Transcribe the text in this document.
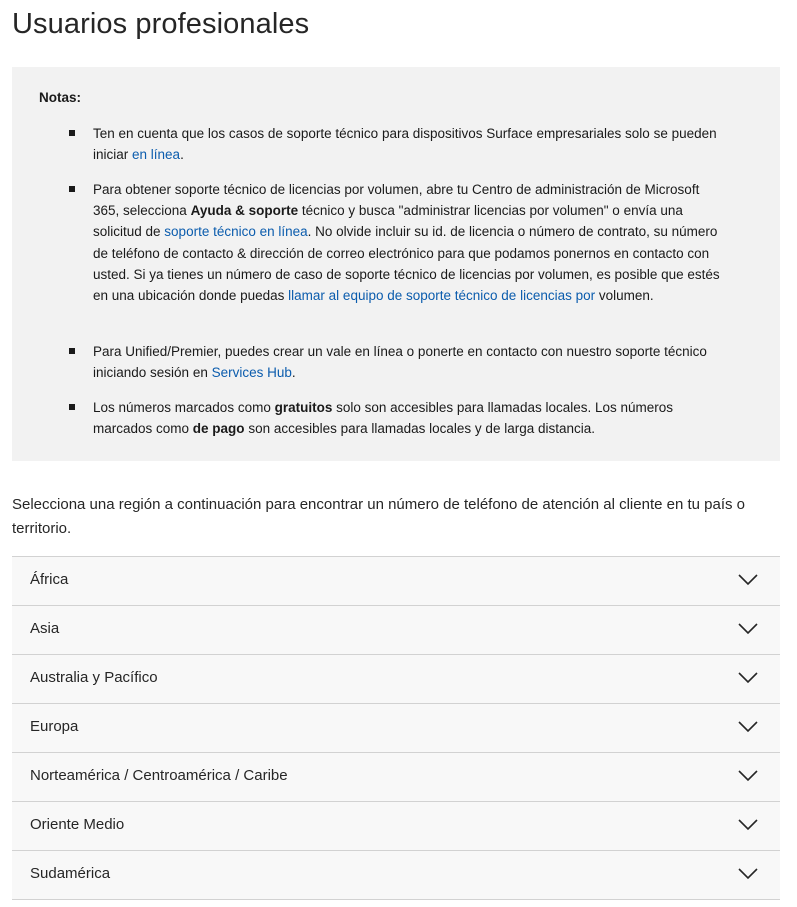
Usuarios profesionales

Notas:

Ten en cuenta que los casos de soporte técnico para dispositivos Surface empresariales solo se pueden iniciar en línea.
Para obtener soporte técnico de licencias por volumen, abre tu Centro de administración de Microsoft 365, selecciona Ayuda & soporte técnico y busca "administrar licencias por volumen" o envía una solicitud de soporte técnico en línea. No olvide incluir su id. de licencia o número de contrato, su número de teléfono de contacto & dirección de correo electrónico para que podamos ponernos en contacto con usted. Si ya tienes un número de caso de soporte técnico de licencias por volumen, es posible que estés en una ubicación donde puedas llamar al equipo de soporte técnico de licencias por volumen.
Para Unified/Premier, puedes crear un vale en línea o ponerte en contacto con nuestro soporte técnico iniciando sesión en Services Hub.
Los números marcados como gratuitos solo son accesibles para llamadas locales. Los números marcados como de pago son accesibles para llamadas locales y de larga distancia.

Selecciona una región a continuación para encontrar un número de teléfono de atención al cliente en tu país o territorio.

África
Asia
Australia y Pacífico
Europa
Norteamérica / Centroamérica / Caribe
Oriente Medio
Sudamérica
